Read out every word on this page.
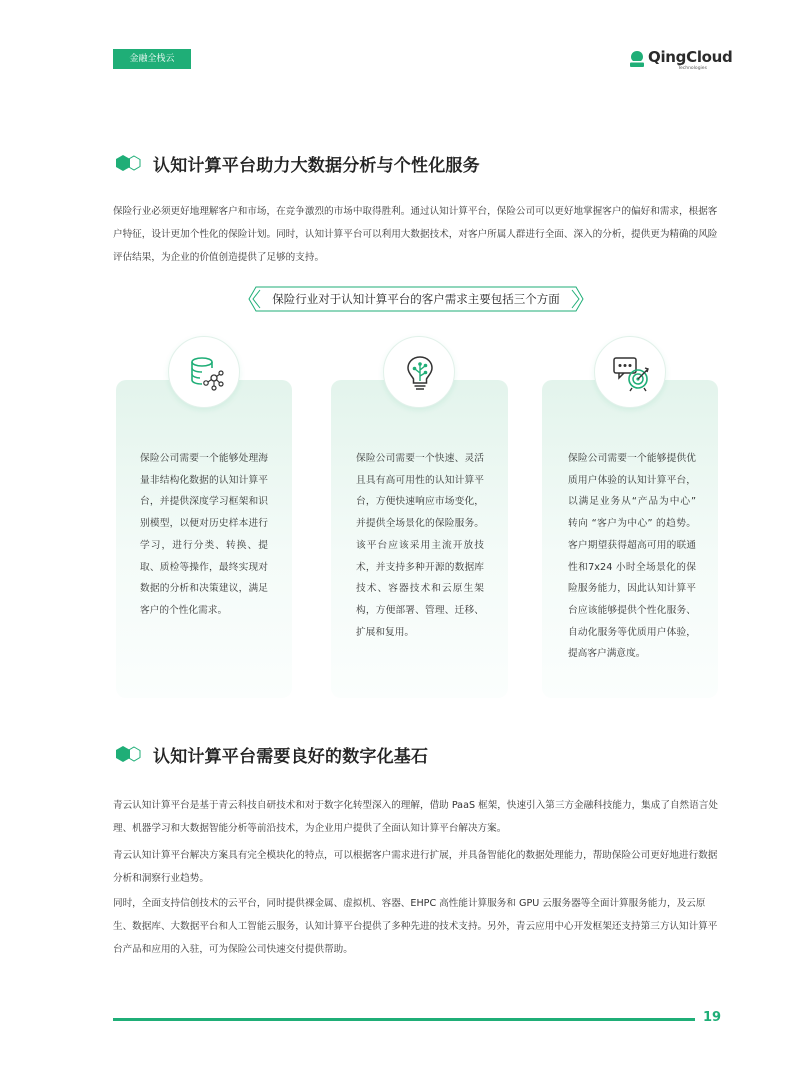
金融全栈云	QingCloud
Technologies
认知计算平台助力大数据分析与个性化服务

保险行业必须更好地理解客户和市场，在竞争激烈的市场中取得胜利。通过认知计算平台，保险公司可以更好地掌握客户的偏好和需求，根据客户特征，设计更加个性化的保险计划。同时，认知计算平台可以利用大数据技术，对客户所属人群进行全面、深入的分析，提供更为精确的风险评估结果，为企业的价值创造提供了足够的支持。

保险行业对于认知计算平台的客户需求主要包括三个方面

保险公司需要一个能够处理海量非结构化数据的认知计算平台，并提供深度学习框架和识别模型，以便对历史样本进行学习，进行分类、转换、提取、质检等操作，最终实现对数据的分析和决策建议，满足客户的个性化需求。

保险公司需要一个快速、灵活且具有高可用性的认知计算平台，方便快速响应市场变化，并提供全场景化的保险服务。该平台应该采用主流开放技术，并支持多种开源的数据库技术、容器技术和云原生架构，方便部署、管理、迁移、扩展和复用。

保险公司需要一个能够提供优质用户体验的认知计算平台，以满足业务从“产品为中心” 转向 “客户为中心” 的趋势。客户期望获得超高可用的联通性和7x24 小时全场景化的保险服务能力，因此认知计算平台应该能够提供个性化服务、自动化服务等优质用户体验，提高客户满意度。

认知计算平台需要良好的数字化基石

青云认知计算平台是基于青云科技自研技术和对于数字化转型深入的理解，借助 PaaS 框架，快速引入第三方金融科技能力，集成了自然语言处理、机器学习和大数据智能分析等前沿技术，为企业用户提供了全面认知计算平台解决方案。

青云认知计算平台解决方案具有完全模块化的特点，可以根据客户需求进行扩展，并具备智能化的数据处理能力，帮助保险公司更好地进行数据分析和洞察行业趋势。

同时，全面支持信创技术的云平台，同时提供裸金属、虚拟机、容器、EHPC 高性能计算服务和 GPU 云服务器等全面计算服务能力，及云原生、数据库、大数据平台和人工智能云服务，认知计算平台提供了多种先进的技术支持。另外，青云应用中心开发框架还支持第三方认知计算平台产品和应用的入驻，可为保险公司快速交付提供帮助。

19
